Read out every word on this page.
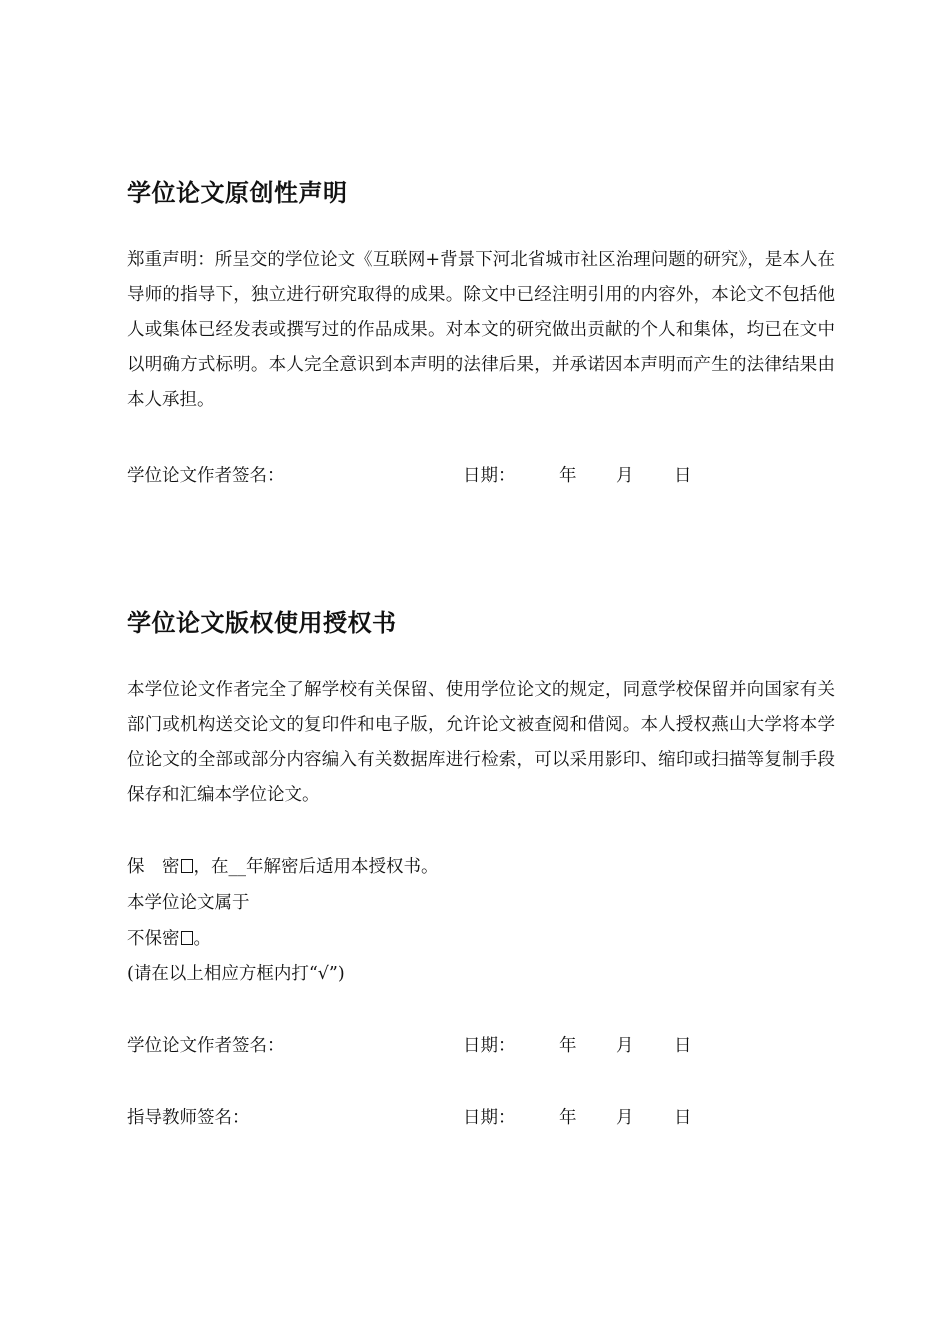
学位论文原创性声明
郑重声明：所呈交的学位论文《互联网+背景下河北省城市社区治理问题的研究》，是本人在导师的指导下，独立进行研究取得的成果。除文中已经注明引用的内容外，本论文不包括他人或集体已经发表或撰写过的作品成果。对本文的研究做出贡献的个人和集体，均已在文中以明确方式标明。本人完全意识到本声明的法律后果，并承诺因本声明而产生的法律结果由本人承担。
学位论文作者签名：	日期： 年 月 日
学位论文版权使用授权书
本学位论文作者完全了解学校有关保留、使用学位论文的规定，同意学校保留并向国家有关部门或机构送交论文的复印件和电子版，允许论文被查阅和借阅。本人授权燕山大学将本学位论文的全部或部分内容编入有关数据库进行检索，可以采用影印、缩印或扫描等复制手段保存和汇编本学位论文。
保　密 ，在__年解密后适用本授权书。
本学位论文属于
不保密 。
(请在以上相应方框内打“√”)
学位论文作者签名：	日期： 年 月 日
指导教师签名：	日期： 年 月 日
